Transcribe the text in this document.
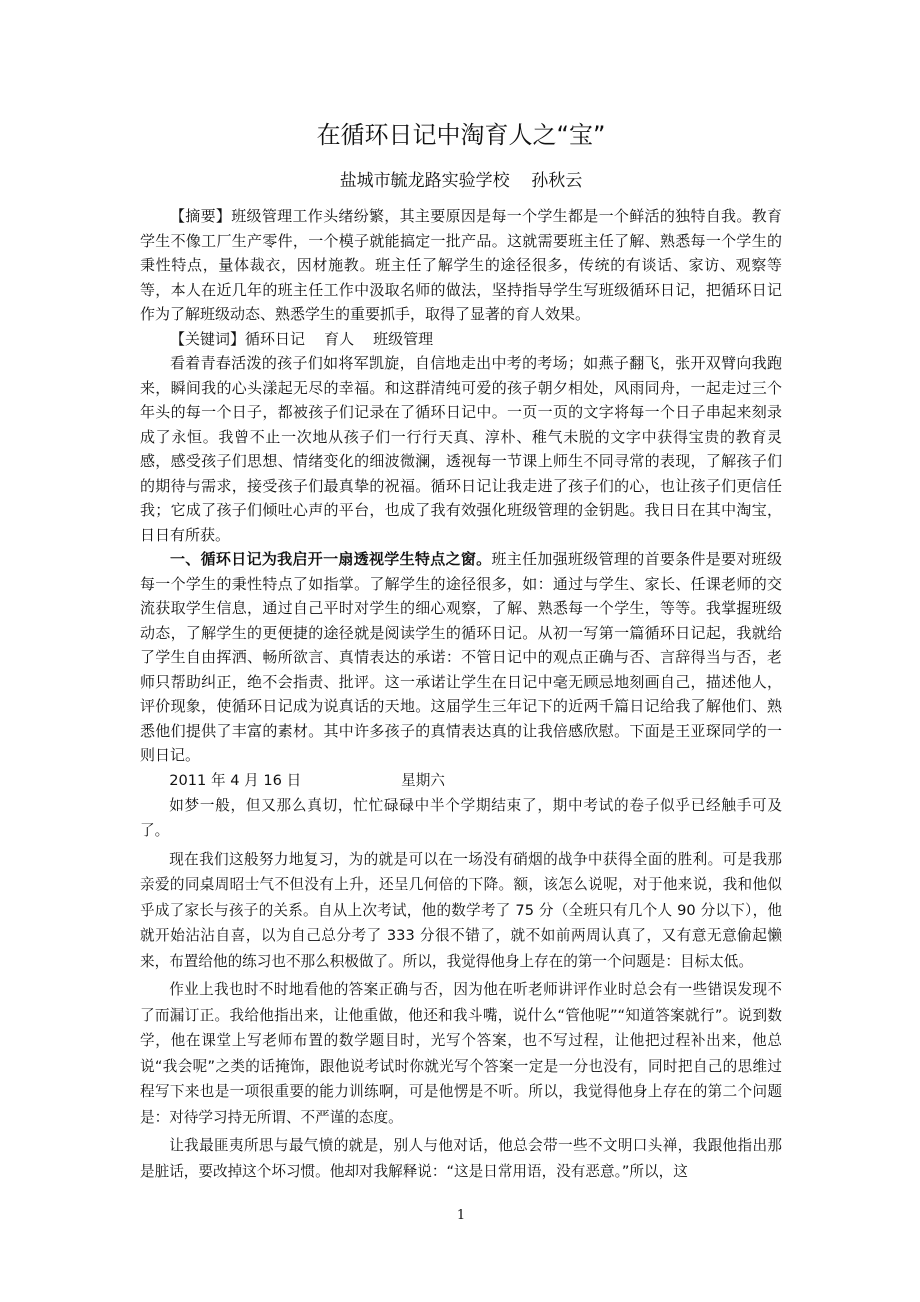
在循环日记中淘育人之“宝”
盐城市毓龙路实验学校    孙秋云

【摘要】班级管理工作头绪纷繁，其主要原因是每一个学生都是一个鲜活的独特自我。教育学生不像工厂生产零件，一个模子就能搞定一批产品。这就需要班主任了解、熟悉每一个学生的秉性特点，量体裁衣，因材施教。班主任了解学生的途径很多，传统的有谈话、家访、观察等等，本人在近几年的班主任工作中汲取名师的做法，坚持指导学生写班级循环日记，把循环日记作为了解班级动态、熟悉学生的重要抓手，取得了显著的育人效果。

【关键词】循环日记    育人    班级管理

看着青春活泼的孩子们如将军凯旋，自信地走出中考的考场；如燕子翻飞，张开双臂向我跑来，瞬间我的心头漾起无尽的幸福。和这群清纯可爱的孩子朝夕相处，风雨同舟，一起走过三个年头的每一个日子，都被孩子们记录在了循环日记中。一页一页的文字将每一个日子串起来刻录成了永恒。我曾不止一次地从孩子们一行行天真、淳朴、稚气未脱的文字中获得宝贵的教育灵感，感受孩子们思想、情绪变化的细波微澜，透视每一节课上师生不同寻常的表现，了解孩子们的期待与需求，接受孩子们最真挚的祝福。循环日记让我走进了孩子们的心，也让孩子们更信任我；它成了孩子们倾吐心声的平台，也成了我有效强化班级管理的金钥匙。我日日在其中淘宝，日日有所获。

一、循环日记为我启开一扇透视学生特点之窗。班主任加强班级管理的首要条件是要对班级每一个学生的秉性特点了如指掌。了解学生的途径很多，如：通过与学生、家长、任课老师的交流获取学生信息，通过自己平时对学生的细心观察，了解、熟悉每一个学生，等等。我掌握班级动态，了解学生的更便捷的途径就是阅读学生的循环日记。从初一写第一篇循环日记起，我就给了学生自由挥洒、畅所欲言、真情表达的承诺：不管日记中的观点正确与否、言辞得当与否，老师只帮助纠正，绝不会指责、批评。这一承诺让学生在日记中毫无顾忌地刻画自己，描述他人，评价现象，使循环日记成为说真话的天地。这届学生三年记下的近两千篇日记给我了解他们、熟悉他们提供了丰富的素材。其中许多孩子的真情表达真的让我倍感欣慰。下面是王亚琛同学的一则日记。

2011 年 4 月 16 日	星期六

如梦一般，但又那么真切，忙忙碌碌中半个学期结束了，期中考试的卷子似乎已经触手可及了。

现在我们这般努力地复习，为的就是可以在一场没有硝烟的战争中获得全面的胜利。可是我那亲爱的同桌周昭士气不但没有上升，还呈几何倍的下降。额，该怎么说呢，对于他来说，我和他似乎成了家长与孩子的关系。自从上次考试，他的数学考了 75 分（全班只有几个人 90 分以下），他就开始沾沾自喜，以为自己总分考了 333 分很不错了，就不如前两周认真了，又有意无意偷起懒来，布置给他的练习也不那么积极做了。所以，我觉得他身上存在的第一个问题是：目标太低。

作业上我也时不时地看他的答案正确与否，因为他在听老师讲评作业时总会有一些错误发现不了而漏订正。我给他指出来，让他重做，他还和我斗嘴，说什么“管他呢”“知道答案就行”。说到数学，他在课堂上写老师布置的数学题目时，光写个答案，也不写过程，让他把过程补出来，他总说“我会呢”之类的话掩饰，跟他说考试时你就光写个答案一定是一分也没有，同时把自己的思维过程写下来也是一项很重要的能力训练啊，可是他愣是不听。所以，我觉得他身上存在的第二个问题是：对待学习持无所谓、不严谨的态度。

让我最匪夷所思与最气愤的就是，别人与他对话，他总会带一些不文明口头禅，我跟他指出那是脏话，要改掉这个坏习惯。他却对我解释说：“这是日常用语，没有恶意。”所以，这

1
